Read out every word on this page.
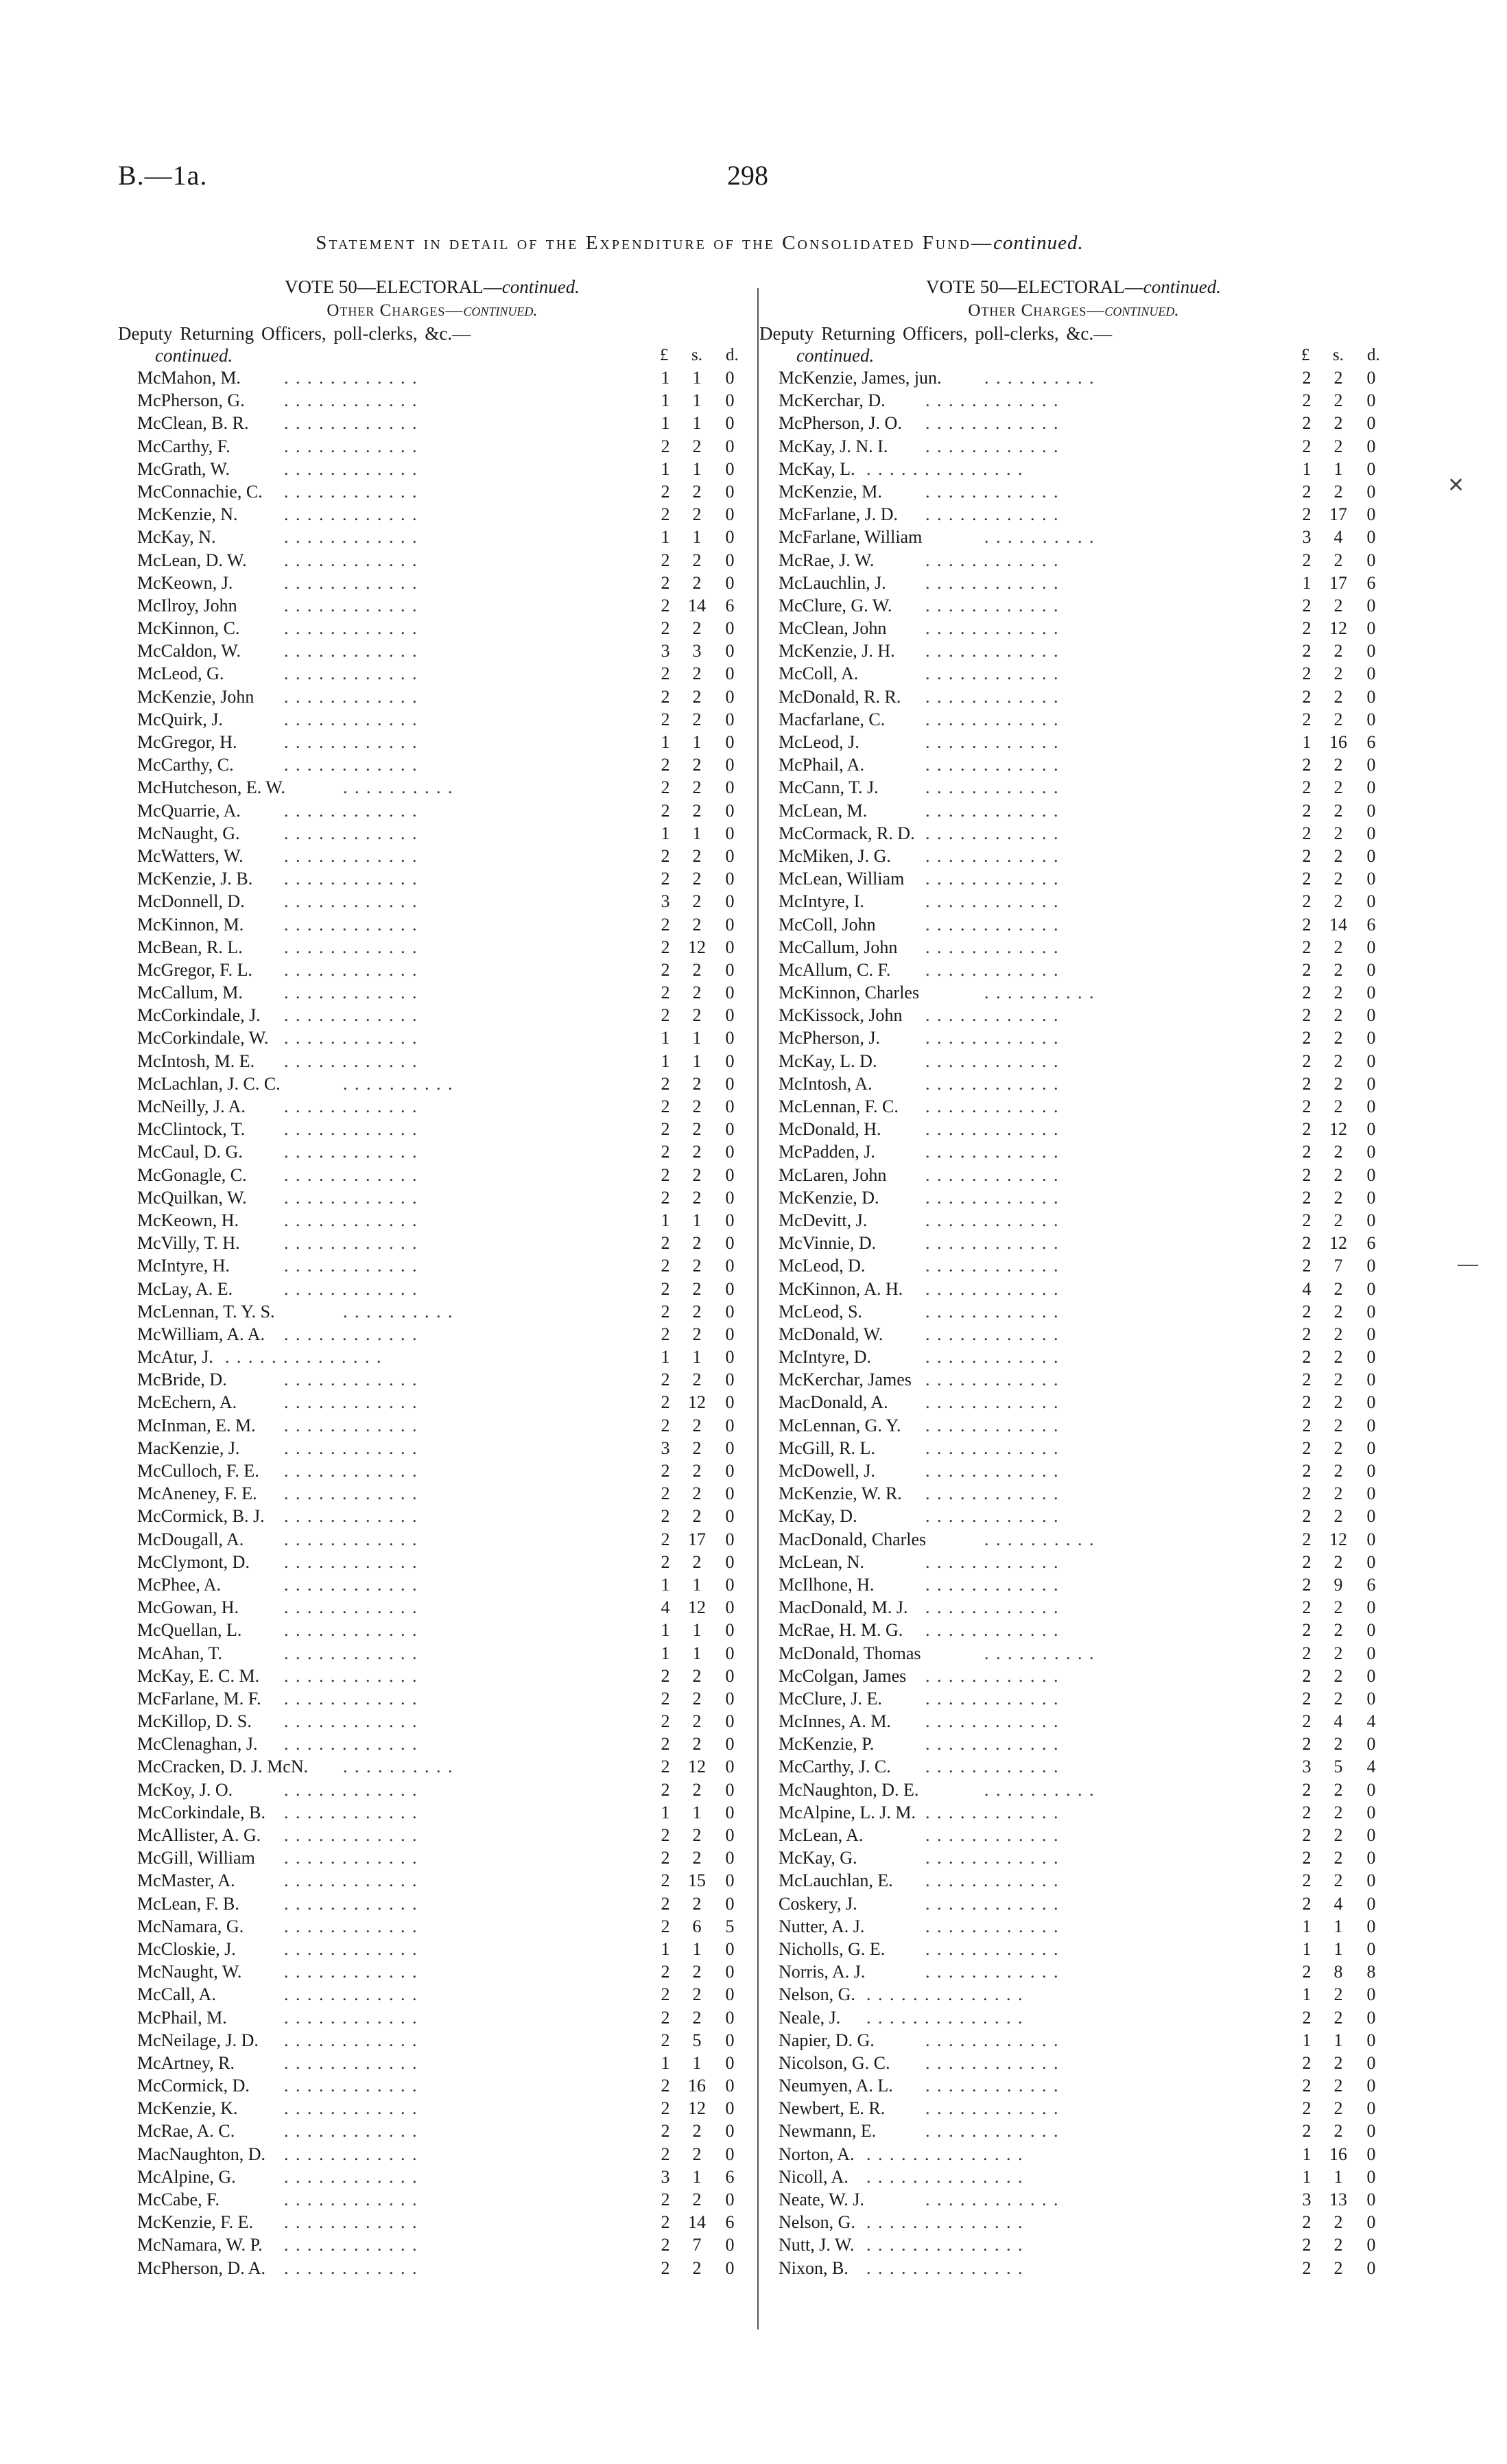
B.—1a.	298
Statement in detail of the Expenditure of the Consolidated Fund—continued.
VOTE 50—ELECTORAL—continued.
Other Charges—continued.
Deputy Returning Officers, poll-clerks, &c.—
continued.	£ s. d.
McMahon, M.	1	1	0
. . . . . . . . . . . .
McPherson, G.	1	1	0
. . . . . . . . . . . .
McClean, B. R.	1	1	0
. . . . . . . . . . . .
McCarthy, F.	2	2	0
. . . . . . . . . . . .
McGrath, W.	1	1	0
. . . . . . . . . . . .
McConnachie, C.	2	2	0
. . . . . . . . . . . .
McKenzie, N.	2	2	0
. . . . . . . . . . . .
McKay, N.	1	1	0
. . . . . . . . . . . .
McLean, D. W.	2	2	0
. . . . . . . . . . . .
McKeown, J.	2	2	0
. . . . . . . . . . . .
McIlroy, John	2	14	6
. . . . . . . . . . . .
McKinnon, C.	2	2	0
. . . . . . . . . . . .
McCaldon, W.	3	3	0
. . . . . . . . . . . .
McLeod, G.	2	2	0
. . . . . . . . . . . .
McKenzie, John	2	2	0
. . . . . . . . . . . .
McQuirk, J.	2	2	0
. . . . . . . . . . . .
McGregor, H.	1	1	0
. . . . . . . . . . . .
McCarthy, C.	2	2	0
. . . . . . . . . . . .
McHutcheson, E. W.	2	2	0
. . . . . . . . . .
McQuarrie, A.	2	2	0
. . . . . . . . . . . .
McNaught, G.	1	1	0
. . . . . . . . . . . .
McWatters, W.	2	2	0
. . . . . . . . . . . .
McKenzie, J. B.	2	2	0
. . . . . . . . . . . .
McDonnell, D.	3	2	0
. . . . . . . . . . . .
McKinnon, M.	2	2	0
. . . . . . . . . . . .
McBean, R. L.	2	12	0
. . . . . . . . . . . .
McGregor, F. L.	2	2	0
. . . . . . . . . . . .
McCallum, M.	2	2	0
. . . . . . . . . . . .
McCorkindale, J.	2	2	0
. . . . . . . . . . . .
McCorkindale, W.	1	1	0
. . . . . . . . . . . .
McIntosh, M. E.	1	1	0
. . . . . . . . . . . .
McLachlan, J. C. C.	2	2	0
. . . . . . . . . .
McNeilly, J. A.	2	2	0
. . . . . . . . . . . .
McClintock, T.	2	2	0
. . . . . . . . . . . .
McCaul, D. G.	2	2	0
. . . . . . . . . . . .
McGonagle, C.	2	2	0
. . . . . . . . . . . .
McQuilkan, W.	2	2	0
. . . . . . . . . . . .
McKeown, H.	1	1	0
. . . . . . . . . . . .
McVilly, T. H.	2	2	0
. . . . . . . . . . . .
McIntyre, H.	2	2	0
. . . . . . . . . . . .
McLay, A. E.	2	2	0
. . . . . . . . . . . .
McLennan, T. Y. S.	2	2	0
. . . . . . . . . .
McWilliam, A. A.	2	2	0
. . . . . . . . . . . .
McAtur, J.	1	1	0
. . . . . . . . . . . . . .
McBride, D.	2	2	0
. . . . . . . . . . . .
McEchern, A.	2	12	0
. . . . . . . . . . . .
McInman, E. M.	2	2	0
. . . . . . . . . . . .
MacKenzie, J.	3	2	0
. . . . . . . . . . . .
McCulloch, F. E.	2	2	0
. . . . . . . . . . . .
McAneney, F. E.	2	2	0
. . . . . . . . . . . .
McCormick, B. J.	2	2	0
. . . . . . . . . . . .
McDougall, A.	2	17	0
. . . . . . . . . . . .
McClymont, D.	2	2	0
. . . . . . . . . . . .
McPhee, A.	1	1	0
. . . . . . . . . . . .
McGowan, H.	4	12	0
. . . . . . . . . . . .
McQuellan, L.	1	1	0
. . . . . . . . . . . .
McAhan, T.	1	1	0
. . . . . . . . . . . .
McKay, E. C. M.	2	2	0
. . . . . . . . . . . .
McFarlane, M. F.	2	2	0
. . . . . . . . . . . .
McKillop, D. S.	2	2	0
. . . . . . . . . . . .
McClenaghan, J.	2	2	0
. . . . . . . . . . . .
McCracken, D. J. McN.	2	12	0
. . . . . . . . . .
McKoy, J. O.	2	2	0
. . . . . . . . . . . .
McCorkindale, B.	1	1	0
. . . . . . . . . . . .
McAllister, A. G.	2	2	0
. . . . . . . . . . . .
McGill, William	2	2	0
. . . . . . . . . . . .
McMaster, A.	2	15	0
. . . . . . . . . . . .
McLean, F. B.	2	2	0
. . . . . . . . . . . .
McNamara, G.	2	6	5
. . . . . . . . . . . .
McCloskie, J.	1	1	0
. . . . . . . . . . . .
McNaught, W.	2	2	0
. . . . . . . . . . . .
McCall, A.	2	2	0
. . . . . . . . . . . .
McPhail, M.	2	2	0
. . . . . . . . . . . .
McNeilage, J. D.	2	5	0
. . . . . . . . . . . .
McArtney, R.	1	1	0
. . . . . . . . . . . .
McCormick, D.	2	16	0
. . . . . . . . . . . .
McKenzie, K.	2	12	0
. . . . . . . . . . . .
McRae, A. C.	2	2	0
. . . . . . . . . . . .
MacNaughton, D.	2	2	0
. . . . . . . . . . . .
McAlpine, G.	3	1	6
. . . . . . . . . . . .
McCabe, F.	2	2	0
. . . . . . . . . . . .
McKenzie, F. E.	2	14	6
. . . . . . . . . . . .
McNamara, W. P.	2	7	0
. . . . . . . . . . . .
McPherson, D. A.	2	2	0
. . . . . . . . . . . .
VOTE 50—ELECTORAL—continued.
Other Charges—continued.
Deputy Returning Officers, poll-clerks, &c.—
continued.	£ s. d.
McKenzie, James, jun.	2	2	0
. . . . . . . . . .
McKerchar, D.	2	2	0
. . . . . . . . . . . .
McPherson, J. O.	2	2	0
. . . . . . . . . . . .
McKay, J. N. I.	2	2	0
. . . . . . . . . . . .
McKay, L.	1	1	0
. . . . . . . . . . . . . .
McKenzie, M.	2	2	0
. . . . . . . . . . . .
McFarlane, J. D.	2	17	0
. . . . . . . . . . . .
McFarlane, William	3	4	0
. . . . . . . . . .
McRae, J. W.	2	2	0
. . . . . . . . . . . .
McLauchlin, J.	1	17	6
. . . . . . . . . . . .
McClure, G. W.	2	2	0
. . . . . . . . . . . .
McClean, John	2	12	0
. . . . . . . . . . . .
McKenzie, J. H.	2	2	0
. . . . . . . . . . . .
McColl, A.	2	2	0
. . . . . . . . . . . .
McDonald, R. R.	2	2	0
. . . . . . . . . . . .
Macfarlane, C.	2	2	0
. . . . . . . . . . . .
McLeod, J.	1	16	6
. . . . . . . . . . . .
McPhail, A.	2	2	0
. . . . . . . . . . . .
McCann, T. J.	2	2	0
. . . . . . . . . . . .
McLean, M.	2	2	0
. . . . . . . . . . . .
McCormack, R. D.	2	2	0
. . . . . . . . . . . .
McMiken, J. G.	2	2	0
. . . . . . . . . . . .
McLean, William	2	2	0
. . . . . . . . . . . .
McIntyre, I.	2	2	0
. . . . . . . . . . . .
McColl, John	2	14	6
. . . . . . . . . . . .
McCallum, John	2	2	0
. . . . . . . . . . . .
McAllum, C. F.	2	2	0
. . . . . . . . . . . .
McKinnon, Charles	2	2	0
. . . . . . . . . .
McKissock, John	2	2	0
. . . . . . . . . . . .
McPherson, J.	2	2	0
. . . . . . . . . . . .
McKay, L. D.	2	2	0
. . . . . . . . . . . .
McIntosh, A.	2	2	0
. . . . . . . . . . . .
McLennan, F. C.	2	2	0
. . . . . . . . . . . .
McDonald, H.	2	12	0
. . . . . . . . . . . .
McPadden, J.	2	2	0
. . . . . . . . . . . .
McLaren, John	2	2	0
. . . . . . . . . . . .
McKenzie, D.	2	2	0
. . . . . . . . . . . .
McDevitt, J.	2	2	0
. . . . . . . . . . . .
McVinnie, D.	2	12	6
. . . . . . . . . . . .
McLeod, D.	2	7	0
. . . . . . . . . . . .
McKinnon, A. H.	4	2	0
. . . . . . . . . . . .
McLeod, S.	2	2	0
. . . . . . . . . . . .
McDonald, W.	2	2	0
. . . . . . . . . . . .
McIntyre, D.	2	2	0
. . . . . . . . . . . .
McKerchar, James	2	2	0
. . . . . . . . . . . .
MacDonald, A.	2	2	0
. . . . . . . . . . . .
McLennan, G. Y.	2	2	0
. . . . . . . . . . . .
McGill, R. L.	2	2	0
. . . . . . . . . . . .
McDowell, J.	2	2	0
. . . . . . . . . . . .
McKenzie, W. R.	2	2	0
. . . . . . . . . . . .
McKay, D.	2	2	0
. . . . . . . . . . . .
MacDonald, Charles	2	12	0
. . . . . . . . . .
McLean, N.	2	2	0
. . . . . . . . . . . .
McIlhone, H.	2	9	6
. . . . . . . . . . . .
MacDonald, M. J.	2	2	0
. . . . . . . . . . . .
McRae, H. M. G.	2	2	0
. . . . . . . . . . . .
McDonald, Thomas	2	2	0
. . . . . . . . . .
McColgan, James	2	2	0
. . . . . . . . . . . .
McClure, J. E.	2	2	0
. . . . . . . . . . . .
McInnes, A. M.	2	4	4
. . . . . . . . . . . .
McKenzie, P.	2	2	0
. . . . . . . . . . . .
McCarthy, J. C.	3	5	4
. . . . . . . . . . . .
McNaughton, D. E.	2	2	0
. . . . . . . . . .
McAlpine, L. J. M.	2	2	0
. . . . . . . . . . . .
McLean, A.	2	2	0
. . . . . . . . . . . .
McKay, G.	2	2	0
. . . . . . . . . . . .
McLauchlan, E.	2	2	0
. . . . . . . . . . . .
Coskery, J.	2	4	0
. . . . . . . . . . . .
Nutter, A. J.	1	1	0
. . . . . . . . . . . .
Nicholls, G. E.	1	1	0
. . . . . . . . . . . .
Norris, A. J.	2	8	8
. . . . . . . . . . . .
Nelson, G.	1	2	0
. . . . . . . . . . . . . .
Neale, J.	2	2	0
. . . . . . . . . . . . . .
Napier, D. G.	1	1	0
. . . . . . . . . . . .
Nicolson, G. C.	2	2	0
. . . . . . . . . . . .
Neumyen, A. L.	2	2	0
. . . . . . . . . . . .
Newbert, E. R.	2	2	0
. . . . . . . . . . . .
Newmann, E.	2	2	0
. . . . . . . . . . . .
Norton, A.	1	16	0
. . . . . . . . . . . . . .
Nicoll, A.	1	1	0
. . . . . . . . . . . . . .
Neate, W. J.	3	13	0
. . . . . . . . . . . .
Nelson, G.	2	2	0
. . . . . . . . . . . . . .
Nutt, J. W.	2	2	0
. . . . . . . . . . . . . .
Nixon, B.	2	2	0
. . . . . . . . . . . . . .
✕
—
